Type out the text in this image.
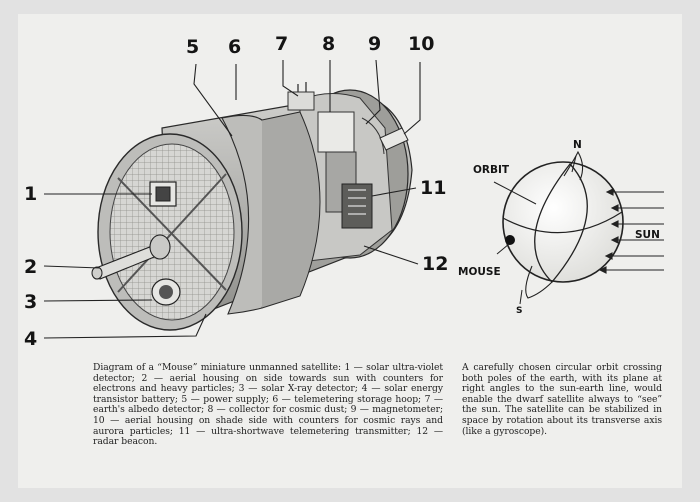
1
2
3
4
5 6 7 8 9 10
11
12
ORBIT
N
S
SUN
MOUSE

Diagram of a “Mouse” miniature unmanned satellite: 1 — solar ultra-violet detector; 2 — aerial housing on side towards sun with counters for electrons and heavy particles; 3 — solar X-ray detector; 4 — solar energy transistor battery; 5 — power supply; 6 — telemetering storage hoop; 7 — earth's albedo detector; 8 — collector for cosmic dust; 9 — magnetometer; 10 — aerial housing on shade side with counters for cosmic rays and aurora particles; 11 — ultra-shortwave telemetering transmitter; 12 — radar beacon.

A carefully chosen circular orbit crossing both poles of the earth, with its plane at right angles to the sun-earth line, would enable the dwarf satellite always to “see” the sun. The satellite can be stabilized in space by rotation about its transverse axis (like a gyroscope).
